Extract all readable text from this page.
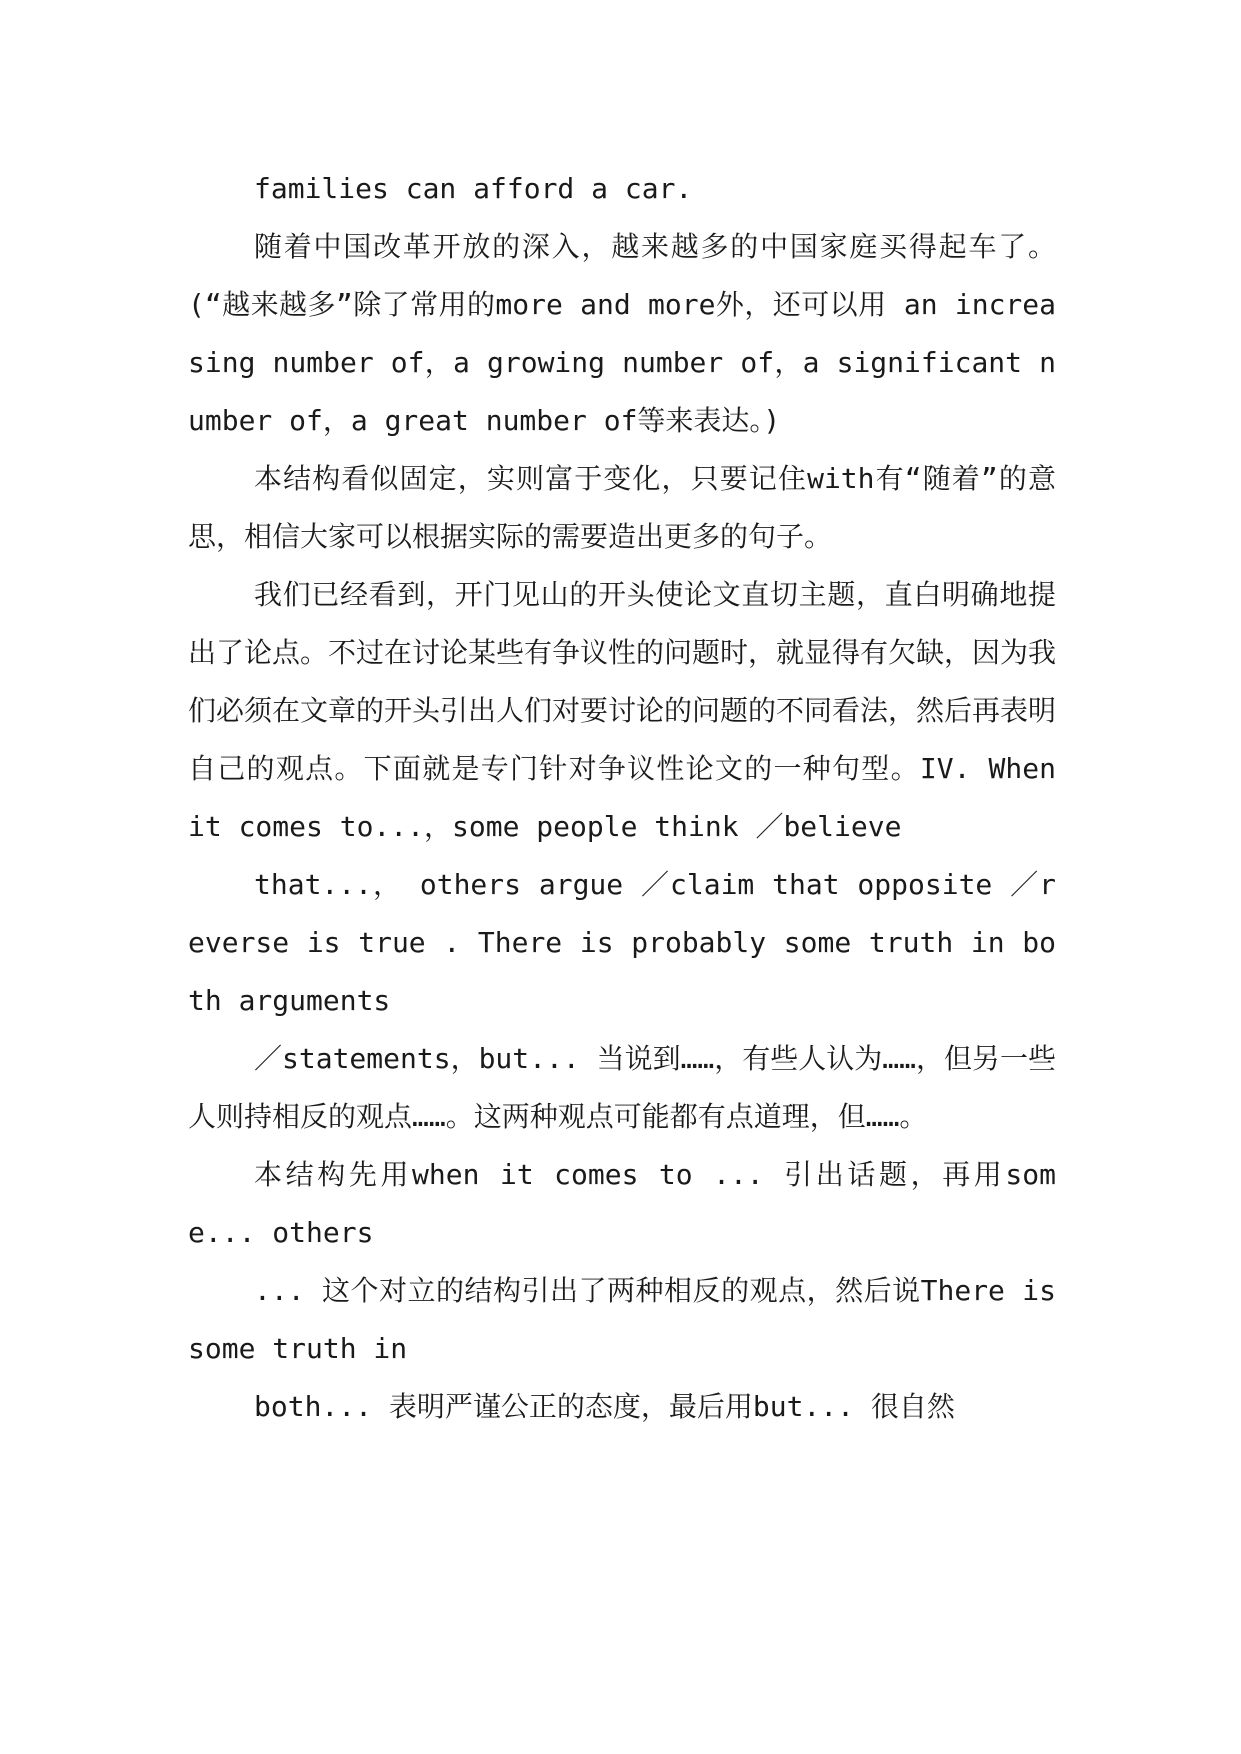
families can afford a car.

随着中国改革开放的深入，越来越多的中国家庭买得起车了。(“越来越多”除了常用的more and more外，还可以用 an increasing number of，a growing number of，a significant number of，a great number of等来表达。)

本结构看似固定，实则富于变化，只要记住with有“随着”的意思，相信大家可以根据实际的需要造出更多的句子。

我们已经看到，开门见山的开头使论文直切主题，直白明确地提出了论点。不过在讨论某些有争议性的问题时，就显得有欠缺，因为我们必须在文章的开头引出人们对要讨论的问题的不同看法，然后再表明自己的观点。下面就是专门针对争议性论文的一种句型。IV. When it comes to...，some people think ／believe

that...， others argue ／claim that opposite ／reverse is true . There is probably some truth in both arguments

／statements，but... 当说到……，有些人认为……，但另一些人则持相反的观点……。这两种观点可能都有点道理，但……。

本结构先用when it comes to ... 引出话题，再用some... others

... 这个对立的结构引出了两种相反的观点，然后说There is some truth in

both... 表明严谨公正的态度，最后用but... 很自然
